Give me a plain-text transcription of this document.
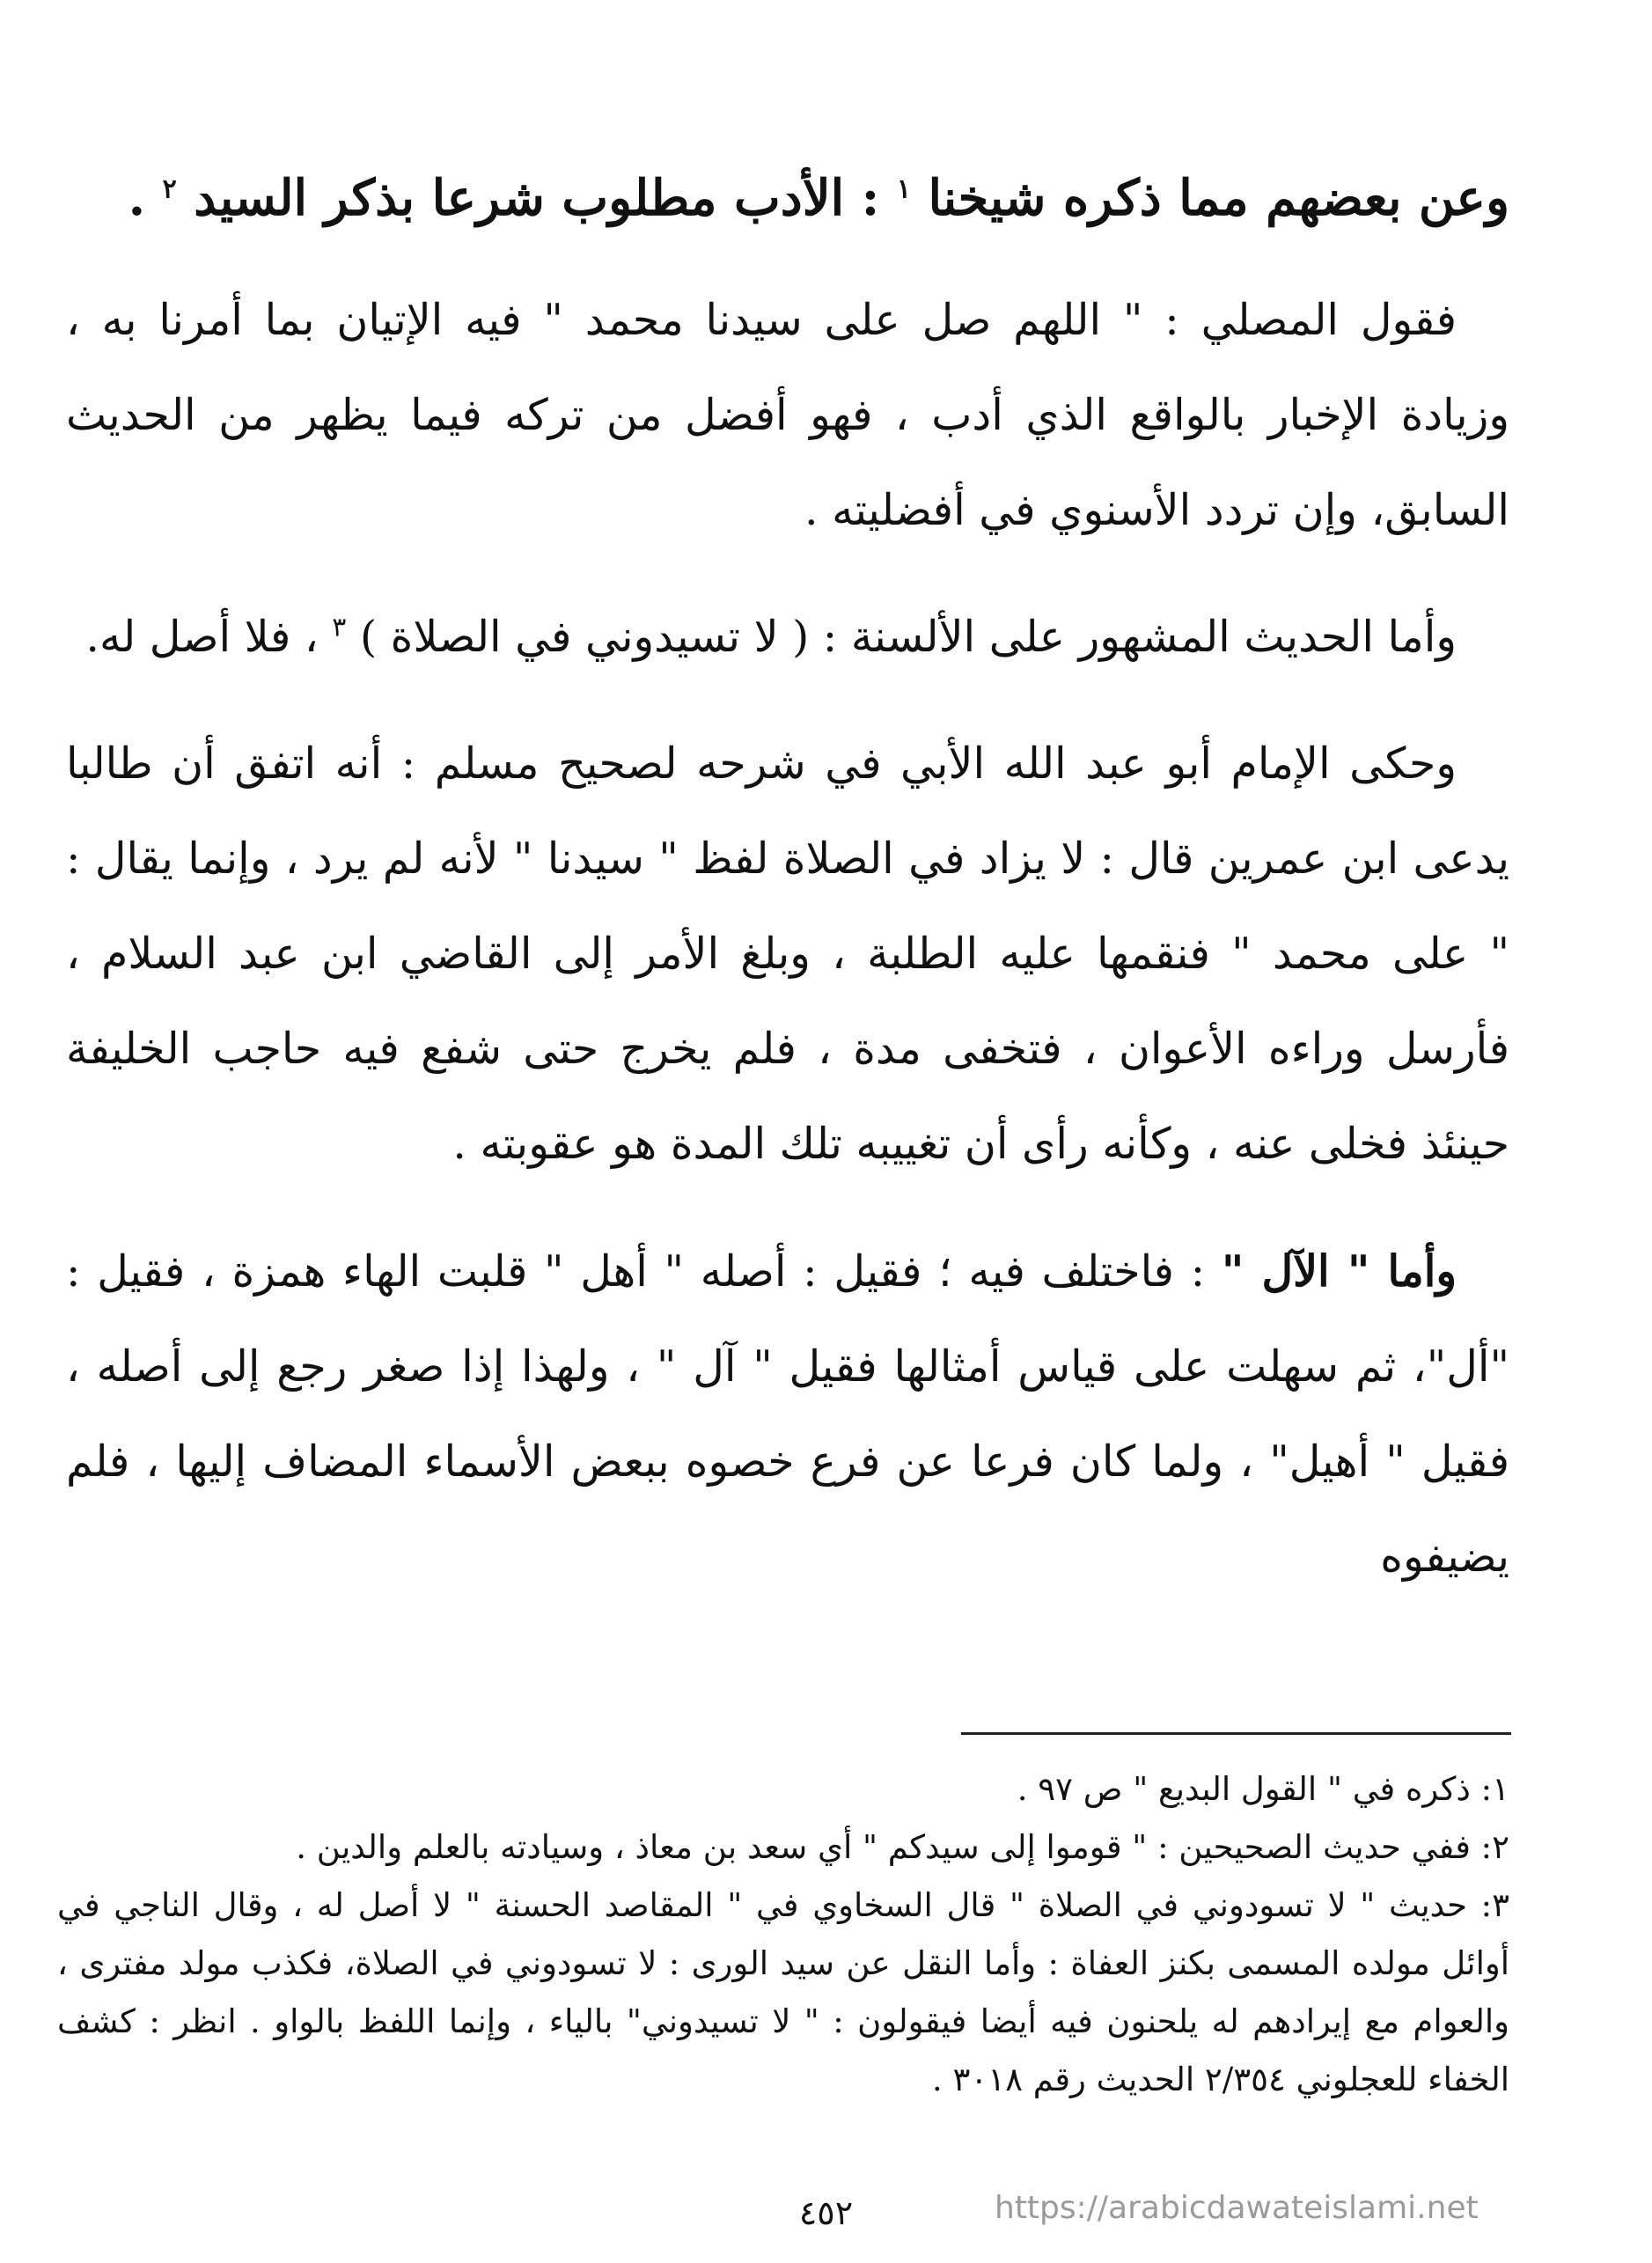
وعن بعضهم مما ذكره شيخنا $^١$ : الأدب مطلوب شرعا بذكر السيد $^٢$ .

فقول المصلي : " اللهم صل على سيدنا محمد " فيه الإتيان بما أمرنا به ، وزيادة الإخبار بالواقع الذي أدب ، فهو أفضل من تركه فيما يظهر من الحديث السابق، وإن تردد الأسنوي في أفضليته .

وأما الحديث المشهور على الألسنة : ( لا تسيدوني في الصلاة ) $^٣$ ، فلا أصل له.

وحكى الإمام أبو عبد الله الأبي في شرحه لصحيح مسلم : أنه اتفق أن طالبا يدعى ابن عمرين قال : لا يزاد في الصلاة لفظ " سيدنا " لأنه لم يرد ، وإنما يقال : " على محمد " فنقمها عليه الطلبة ، وبلغ الأمر إلى القاضي ابن عبد السلام ، فأرسل وراءه الأعوان ، فتخفى مدة ، فلم يخرج حتى شفع فيه حاجب الخليفة حينئذ فخلى عنه ، وكأنه رأى أن تغييبه تلك المدة هو عقوبته .

وأما " الآل " : فاختلف فيه ؛ فقيل : أصله " أهل " قلبت الهاء همزة ، فقيل : "أل"، ثم سهلت على قياس أمثالها فقيل " آل " ، ولهذا إذا صغر رجع إلى أصله ، فقيل " أهيل" ، ولما كان فرعا عن فرع خصوه ببعض الأسماء المضاف إليها ، فلم يضيفوه

١: ذكره في " القول البديع " ص ٩٧ .

٢: ففي حديث الصحيحين : " قوموا إلى سيدكم " أي سعد بن معاذ ، وسيادته بالعلم والدين .

٣: حديث " لا تسودوني في الصلاة " قال السخاوي في " المقاصد الحسنة " لا أصل له ، وقال الناجي في أوائل مولده المسمى بكنز العفاة : وأما النقل عن سيد الورى : لا تسودوني في الصلاة، فكذب مولد مفترى ، والعوام مع إيرادهم له يلحنون فيه أيضا فيقولون : " لا تسيدوني" بالياء ، وإنما اللفظ بالواو . انظر : كشف الخفاء للعجلوني ٢/٣٥٤ الحديث رقم ٣٠١٨ .

٤٥٢	https://arabicdawateislami.net
